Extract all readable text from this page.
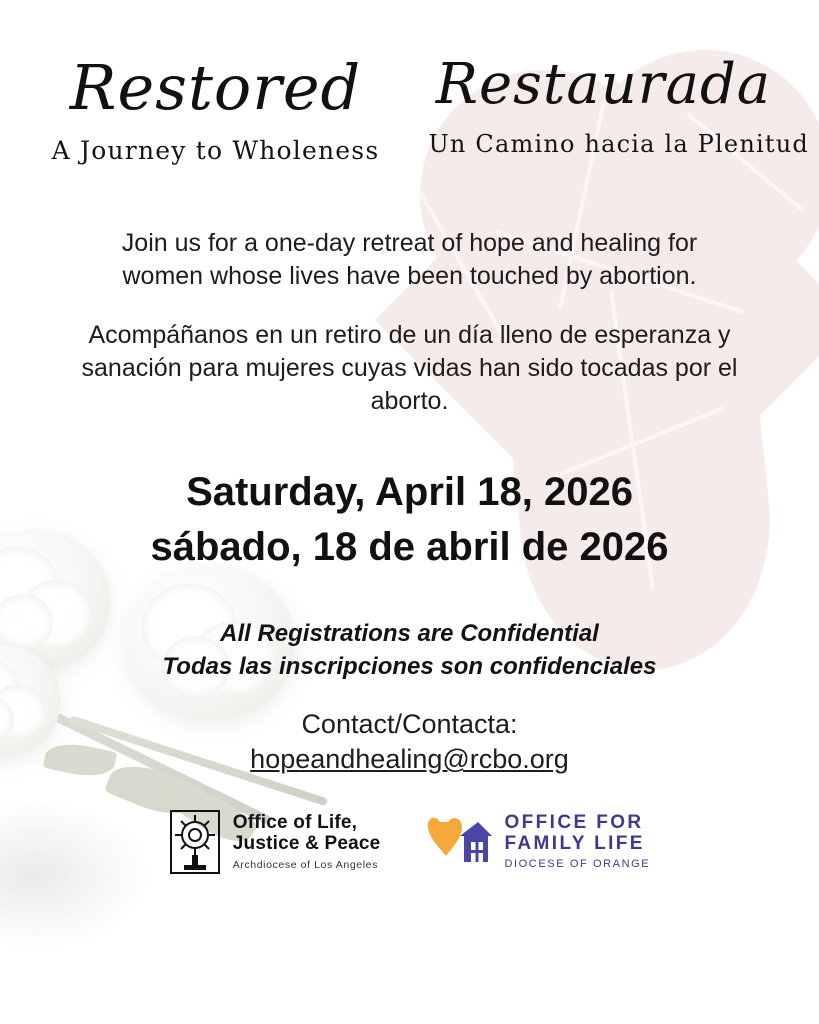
Restored

A Journey to Wholeness

Restaurada

Un Camino hacia la Plenitud

Join us for a one-day retreat of hope and healing for women whose lives have been touched by abortion.

Acompáñanos en un retiro de un día lleno de esperanza y sanación para mujeres cuyas vidas han sido tocadas por el aborto.

Saturday, April 18, 2026

sábado, 18 de abril de 2026

All Registrations are Confidential
Todas las inscripciones son confidenciales

Contact/Contacta:

hopeandhealing@rcbo.org
Office of Life,
Justice & Peace
Archdiocese of Los Angeles
OFFICE FOR
FAMILY LIFE
DIOCESE OF ORANGE
